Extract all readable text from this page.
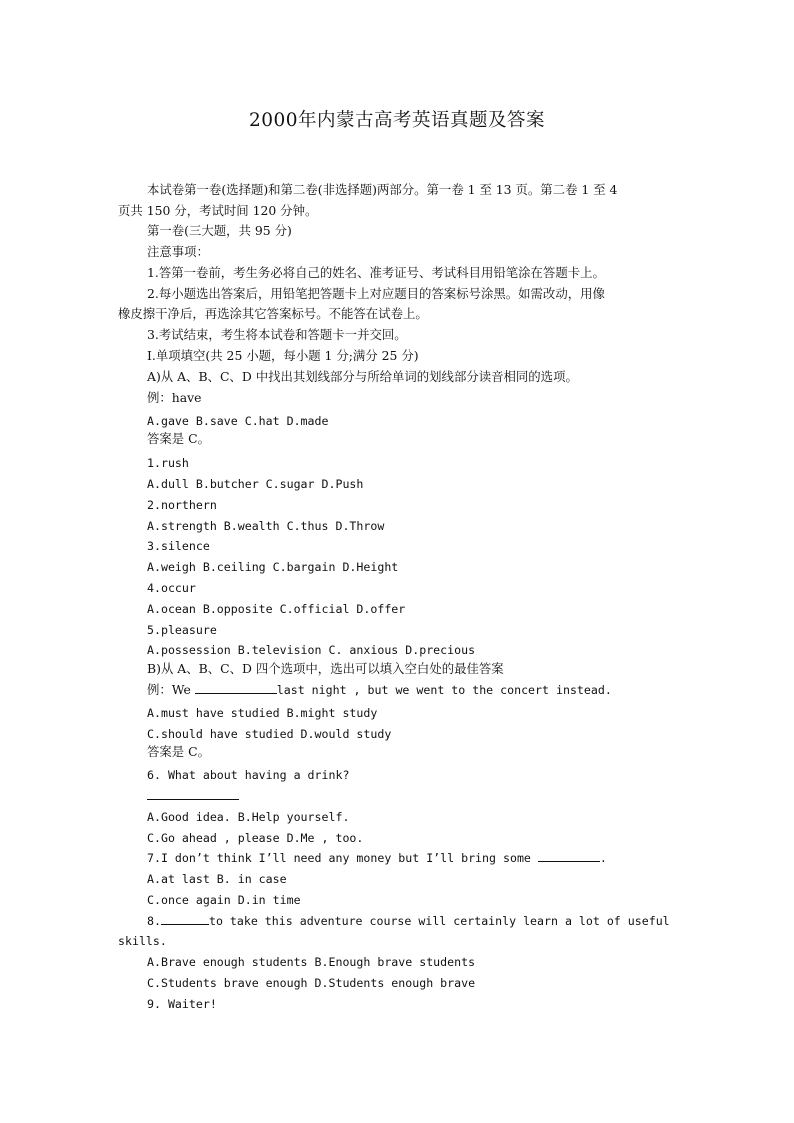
2000年内蒙古高考英语真题及答案
本试卷第一卷(选择题)和第二卷(非选择题)两部分。第一卷 1 至 13 页。第二卷 1 至 4
页共 150 分，考试时间 120 分钟。
第一卷(三大题，共 95 分)
注意事项：
1.答第一卷前，考生务必将自己的姓名、准考证号、考试科目用铅笔涂在答题卡上。
2.每小题选出答案后，用铅笔把答题卡上对应题目的答案标号涂黑。如需改动，用像
橡皮擦干净后，再选涂其它答案标号。不能答在试卷上。
3.考试结束，考生将本试卷和答题卡一并交回。
I.单项填空(共 25 小题，每小题 1 分;满分 25 分)
A)从 A、B、C、D 中找出其划线部分与所给单词的划线部分读音相同的选项。
例：have
A.gave B.save C.hat D.made
答案是 C。
1.rush
A.dull B.butcher C.sugar D.Push
2.northern
A.strength B.wealth C.thus D.Throw
3.silence
A.weigh B.ceiling C.bargain D.Height
4.occur
A.ocean B.opposite C.official D.offer
5.pleasure
A.possession B.television C. anxious D.precious
B)从 A、B、C、D 四个选项中，选出可以填入空白处的最佳答案
例：We	last night , but we went to the concert instead.
A.must have studied B.might study
C.should have studied D.would study
答案是 C。
6. What about having a drink?
A.Good idea. B.Help yourself.
C.Go ahead , please D.Me , too.
7.I don’t think I’ll need any money but I’ll bring some	.
A.at last B. in case
C.once again D.in time
8.	to take this adventure course will certainly learn a lot of useful
skills.
A.Brave enough students B.Enough brave students
C.Students brave enough D.Students enough brave
9. Waiter!
